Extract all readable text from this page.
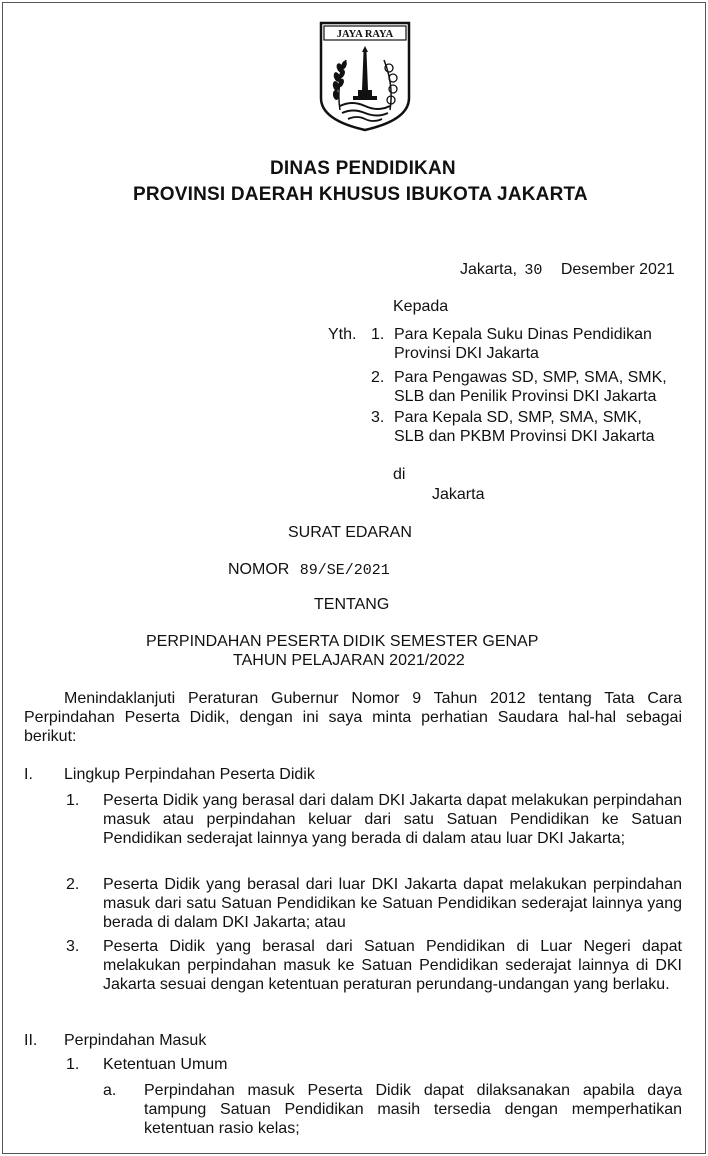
JAYA RAYA
DINAS PENDIDIKAN
PROVINSI DAERAH KHUSUS IBUKOTA JAKARTA
Jakarta, 30 Desember 2021
Kepada
Yth. 1. Para Kepala Suku Dinas Pendidikan
Provinsi DKI Jakarta
2. Para Pengawas SD, SMP, SMA, SMK,
SLB dan Penilik Provinsi DKI Jakarta
3. Para Kepala SD, SMP, SMA, SMK,
SLB dan PKBM Provinsi DKI Jakarta
di
Jakarta
SURAT EDARAN
NOMOR 89/SE/2021
TENTANG
PERPINDAHAN PESERTA DIDIK SEMESTER GENAP
TAHUN PELAJARAN 2021/2022
Menindaklanjuti Peraturan Gubernur Nomor 9 Tahun 2012 tentang Tata Cara Perpindahan Peserta Didik, dengan ini saya minta perhatian Saudara hal-hal sebagai berikut:
I. Lingkup Perpindahan Peserta Didik
1. Peserta Didik yang berasal dari dalam DKI Jakarta dapat melakukan perpindahan masuk atau perpindahan keluar dari satu Satuan Pendidikan ke Satuan Pendidikan sederajat lainnya yang berada di dalam atau luar DKI Jakarta;
2. Peserta Didik yang berasal dari luar DKI Jakarta dapat melakukan perpindahan masuk dari satu Satuan Pendidikan ke Satuan Pendidikan sederajat lainnya yang berada di dalam DKI Jakarta; atau
3. Peserta Didik yang berasal dari Satuan Pendidikan di Luar Negeri dapat melakukan perpindahan masuk ke Satuan Pendidikan sederajat lainnya di DKI Jakarta sesuai dengan ketentuan peraturan perundang-undangan yang berlaku.
II. Perpindahan Masuk
1. Ketentuan Umum
a. Perpindahan masuk Peserta Didik dapat dilaksanakan apabila daya tampung Satuan Pendidikan masih tersedia dengan memperhatikan ketentuan rasio kelas;
